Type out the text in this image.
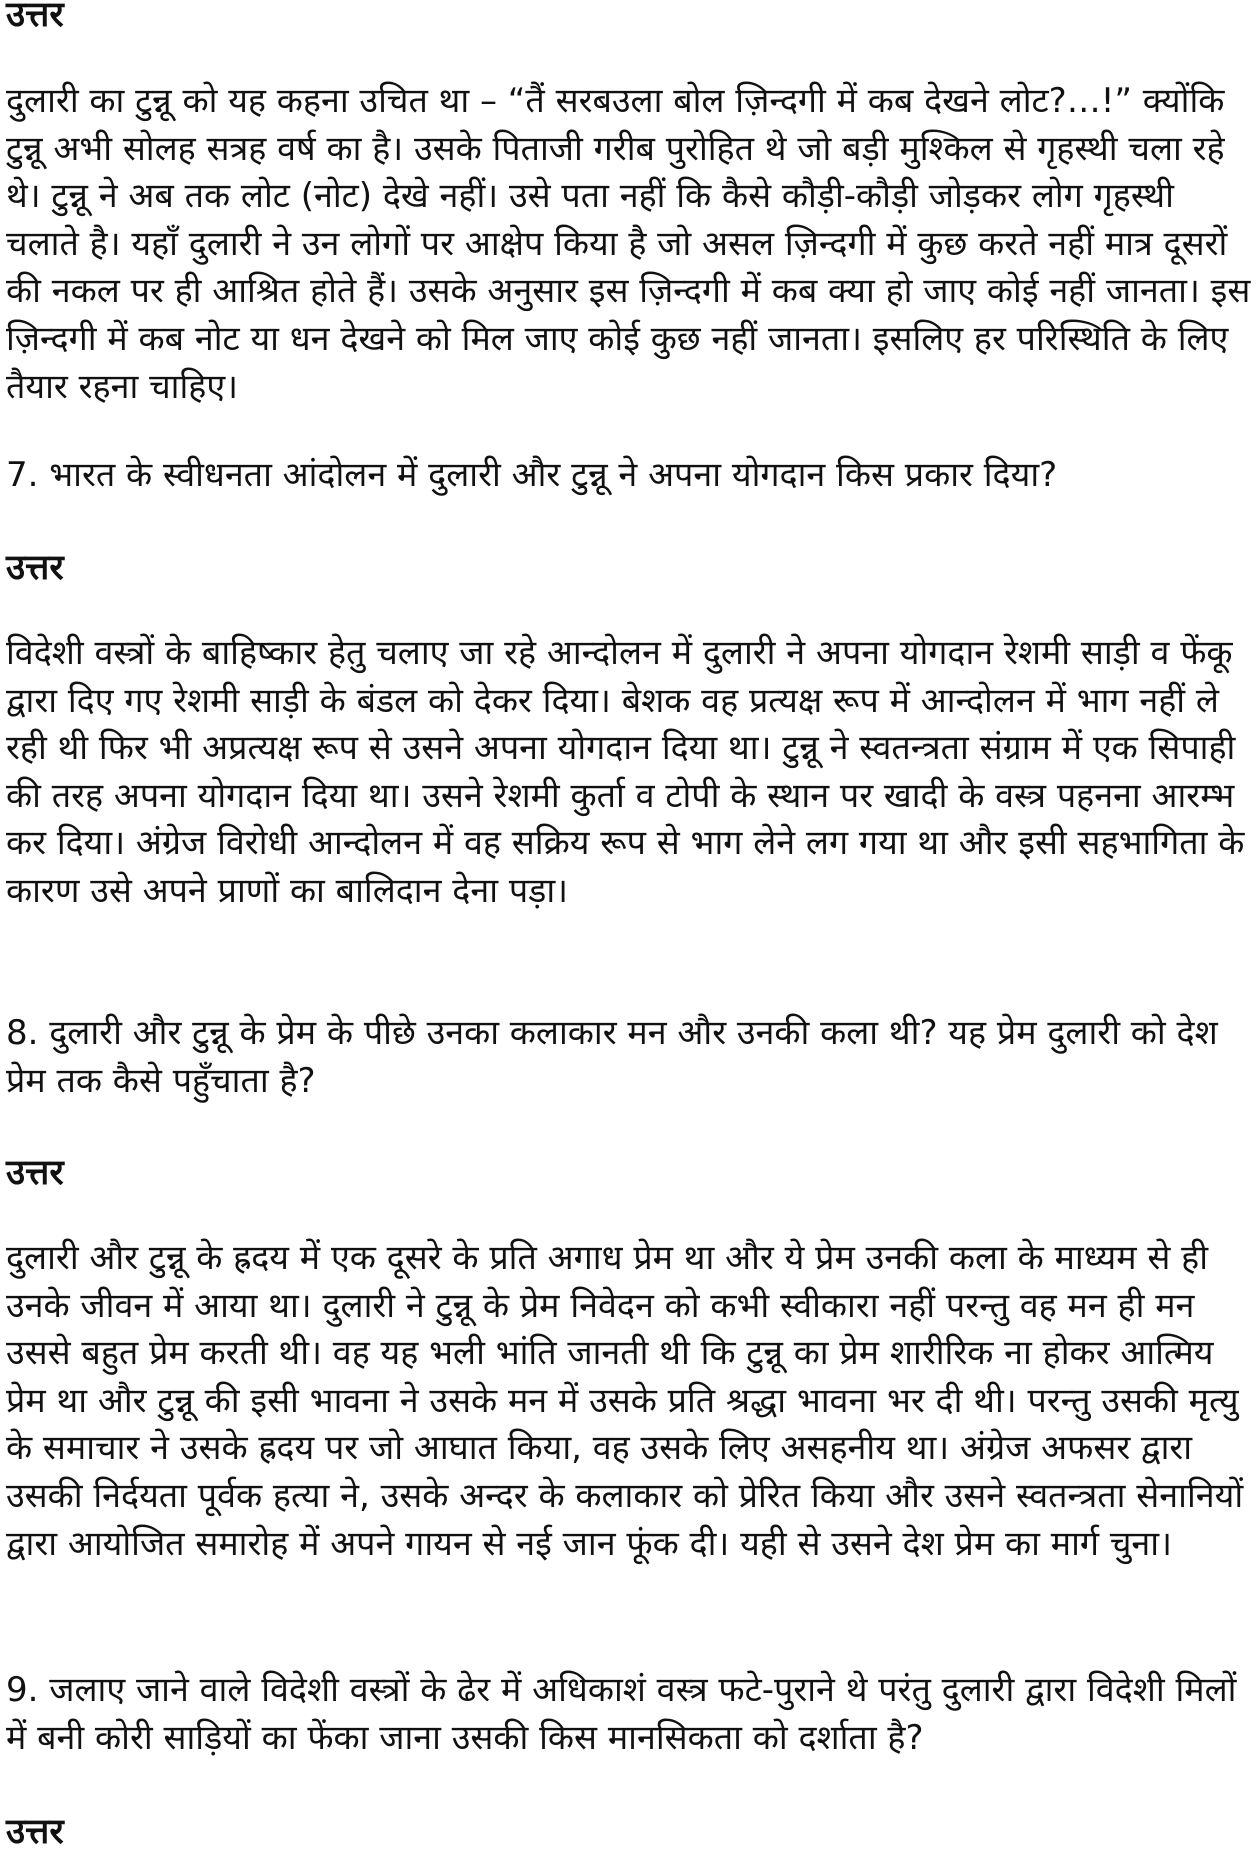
उत्तर

दुलारी का टुन्नू को यह कहना उचित था – “तैं सरबउला बोल ज़िन्दगी में कब देखने लोट?…!” क्योंकि टुन्नू अभी सोलह सत्रह वर्ष का है। उसके पिताजी गरीब पुरोहित थे जो बड़ी मुश्किल से गृहस्थी चला रहे थे। टुन्नू ने अब तक लोट (नोट) देखे नहीं। उसे पता नहीं कि कैसे कौड़ी-कौड़ी जोड़कर लोग गृहस्थी चलाते है। यहाँ दुलारी ने उन लोगों पर आक्षेप किया है जो असल ज़िन्दगी में कुछ करते नहीं मात्र दूसरों की नकल पर ही आश्रित होते हैं। उसके अनुसार इस ज़िन्दगी में कब क्या हो जाए कोई नहीं जानता। इस ज़िन्दगी में कब नोट या धन देखने को मिल जाए कोई कुछ नहीं जानता। इसलिए हर परिस्थिति के लिए तैयार रहना चाहिए।

7. भारत के स्वीधनता आंदोलन में दुलारी और टुन्नू ने अपना योगदान किस प्रकार दिया?

उत्तर

विदेशी वस्त्रों के बाहिष्कार हेतु चलाए जा रहे आन्दोलन में दुलारी ने अपना योगदान रेशमी साड़ी व फेंकू द्वारा दिए गए रेशमी साड़ी के बंडल को देकर दिया। बेशक वह प्रत्यक्ष रूप में आन्दोलन में भाग नहीं ले रही थी फिर भी अप्रत्यक्ष रूप से उसने अपना योगदान दिया था। टुन्नू ने स्वतन्त्रता संग्राम में एक सिपाही की तरह अपना योगदान दिया था। उसने रेशमी कुर्ता व टोपी के स्थान पर खादी के वस्त्र पहनना आरम्भ कर दिया। अंग्रेज विरोधी आन्दोलन में वह सक्रिय रूप से भाग लेने लग गया था और इसी सहभागिता के कारण उसे अपने प्राणों का बालिदान देना पड़ा।

8. दुलारी और टुन्नू के प्रेम के पीछे उनका कलाकार मन और उनकी कला थी? यह प्रेम दुलारी को देश प्रेम तक कैसे पहुँचाता है?

उत्तर

दुलारी और टुन्नू के ह्रदय में एक दूसरे के प्रति अगाध प्रेम था और ये प्रेम उनकी कला के माध्यम से ही उनके जीवन में आया था। दुलारी ने टुन्नू के प्रेम निवेदन को कभी स्वीकारा नहीं परन्तु वह मन ही मन उससे बहुत प्रेम करती थी। वह यह भली भांति जानती थी कि टुन्नू का प्रेम शारीरिक ना होकर आत्मिय प्रेम था और टुन्नू की इसी भावना ने उसके मन में उसके प्रति श्रद्धा भावना भर दी थी। परन्तु उसकी मृत्यु के समाचार ने उसके ह्रदय पर जो आघात किया, वह उसके लिए असहनीय था। अंग्रेज अफसर द्वारा उसकी निर्दयता पूर्वक हत्या ने, उसके अन्दर के कलाकार को प्रेरित किया और उसने स्वतन्त्रता सेनानियों द्वारा आयोजित समारोह में अपने गायन से नई जान फूंक दी। यही से उसने देश प्रेम का मार्ग चुना।

9. जलाए जाने वाले विदेशी वस्त्रों के ढेर में अधिकाशं वस्त्र फटे-पुराने थे परंतु दुलारी द्वारा विदेशी मिलों में बनी कोरी साड़ियों का फेंका जाना उसकी किस मानसिकता को दर्शाता है?

उत्तर
